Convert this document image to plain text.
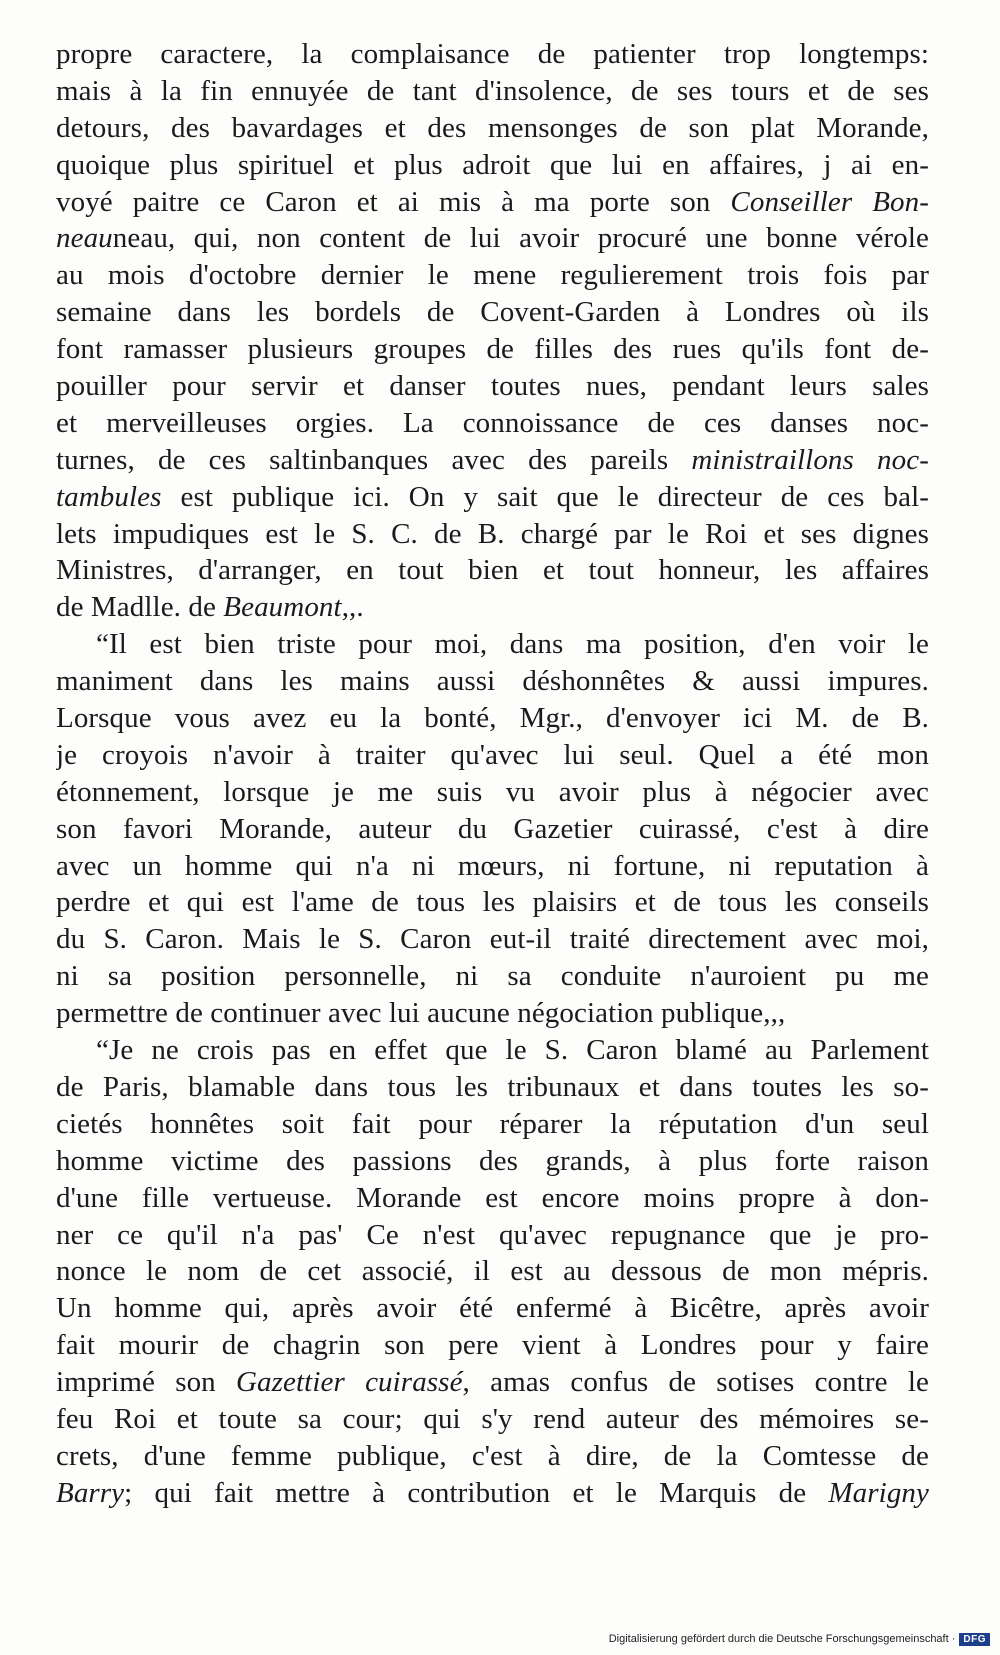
propre caractere, la complaisance de patienter trop longtemps:
mais à la fin ennuyée de tant d'insolence, de ses tours et de ses
detours, des bavardages et des mensonges de son plat Morande,
quoique plus spirituel et plus adroit que lui en affaires, j ai en-
voyé paitre ce Caron et ai mis à ma porte son Conseiller Bon-
neauneau, qui, non content de lui avoir procuré une bonne vérole
au mois d'octobre dernier le mene regulierement trois fois par
semaine dans les bordels de Covent-Garden à Londres où ils
font ramasser plusieurs groupes de filles des rues qu'ils font de-
pouiller pour servir et danser toutes nues, pendant leurs sales
et merveilleuses orgies. La connoissance de ces danses noc-
turnes, de ces saltinbanques avec des pareils ministraillons noc-
tambules est publique ici. On y sait que le directeur de ces bal-
lets impudiques est le S. C. de B. chargé par le Roi et ses dignes
Ministres, d'arranger, en tout bien et tout honneur, les affaires
de Madlle. de Beaumont,,.
“Il est bien triste pour moi, dans ma position, d'en voir le
maniment dans les mains aussi déshonnêtes & aussi impures.
Lorsque vous avez eu la bonté, Mgr., d'envoyer ici M. de B.
je croyois n'avoir à traiter qu'avec lui seul. Quel a été mon
étonnement, lorsque je me suis vu avoir plus à négocier avec
son favori Morande, auteur du Gazetier cuirassé, c'est à dire
avec un homme qui n'a ni mœurs, ni fortune, ni reputation à
perdre et qui est l'ame de tous les plaisirs et de tous les conseils
du S. Caron. Mais le S. Caron eut-il traité directement avec moi,
ni sa position personnelle, ni sa conduite n'auroient pu me
permettre de continuer avec lui aucune négociation publique,,,
“Je ne crois pas en effet que le S. Caron blamé au Parlement
de Paris, blamable dans tous les tribunaux et dans toutes les so-
cietés honnêtes soit fait pour réparer la réputation d'un seul
homme victime des passions des grands, à plus forte raison
d'une fille vertueuse. Morande est encore moins propre à don-
ner ce qu'il n'a pas' Ce n'est qu'avec repugnance que je pro-
nonce le nom de cet associé, il est au dessous de mon mépris.
Un homme qui, après avoir été enfermé à Bicêtre, après avoir
fait mourir de chagrin son pere vient à Londres pour y faire
imprimé son Gazettier cuirassé, amas confus de sotises contre le
feu Roi et toute sa cour; qui s'y rend auteur des mémoires se-
crets, d'une femme publique, c'est à dire, de la Comtesse de
Barry; qui fait mettre à contribution et le Marquis de Marigny
Digitalisierung gefördert durch die Deutsche Forschungsgemeinschaft · DFG
